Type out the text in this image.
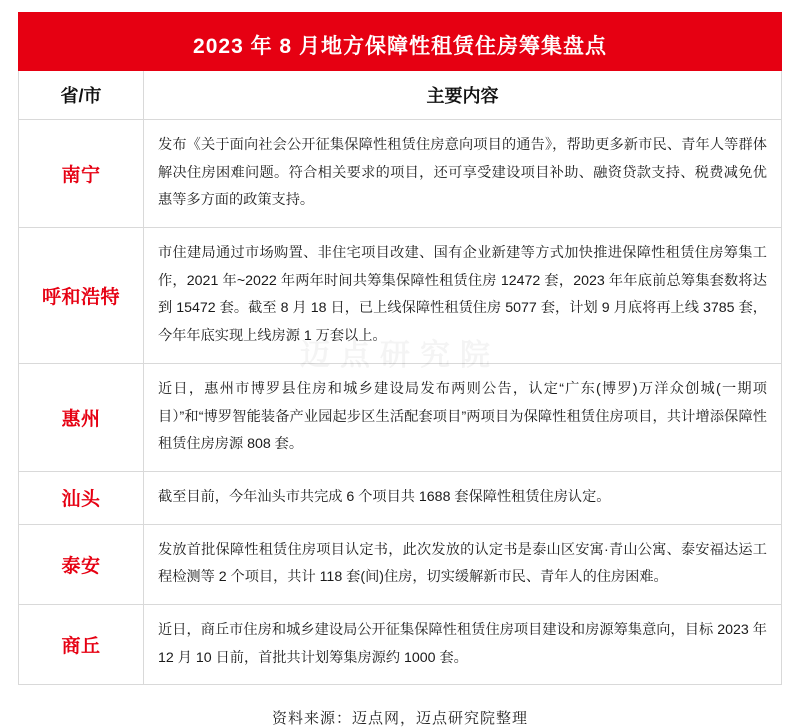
2023 年 8 月地方保障性租赁住房筹集盘点
省/市	主要内容
南宁	发布《关于面向社会公开征集保障性租赁住房意向项目的通告》，帮助更多新市民、青年人等群体解决住房困难问题。符合相关要求的项目，还可享受建设项目补助、融资贷款支持、税费减免优惠等多方面的政策支持。
呼和浩特	市住建局通过市场购置、非住宅项目改建、国有企业新建等方式加快推进保障性租赁住房筹集工作，2021 年~2022 年两年时间共筹集保障性租赁住房 12472 套，2023 年年底前总筹集套数将达到 15472 套。截至 8 月 18 日，已上线保障性租赁住房 5077 套，计划 9 月底将再上线 3785 套，今年年底实现上线房源 1 万套以上。
惠州	近日，惠州市博罗县住房和城乡建设局发布两则公告，认定“广东(博罗)万洋众创城(一期项目）”和“博罗智能装备产业园起步区生活配套项目”两项目为保障性租赁住房项目，共计增添保障性租赁住房房源 808 套。
汕头	截至目前，今年汕头市共完成 6 个项目共 1688 套保障性租赁住房认定。
泰安	发放首批保障性租赁住房项目认定书，此次发放的认定书是泰山区安寓·青山公寓、泰安福达运工程检测等 2 个项目，共计 118 套(间)住房，切实缓解新市民、青年人的住房困难。
商丘	近日，商丘市住房和城乡建设局公开征集保障性租赁住房项目建设和房源筹集意向，目标 2023 年 12 月 10 日前，首批共计划筹集房源约 1000 套。
资料来源：迈点网，迈点研究院整理
